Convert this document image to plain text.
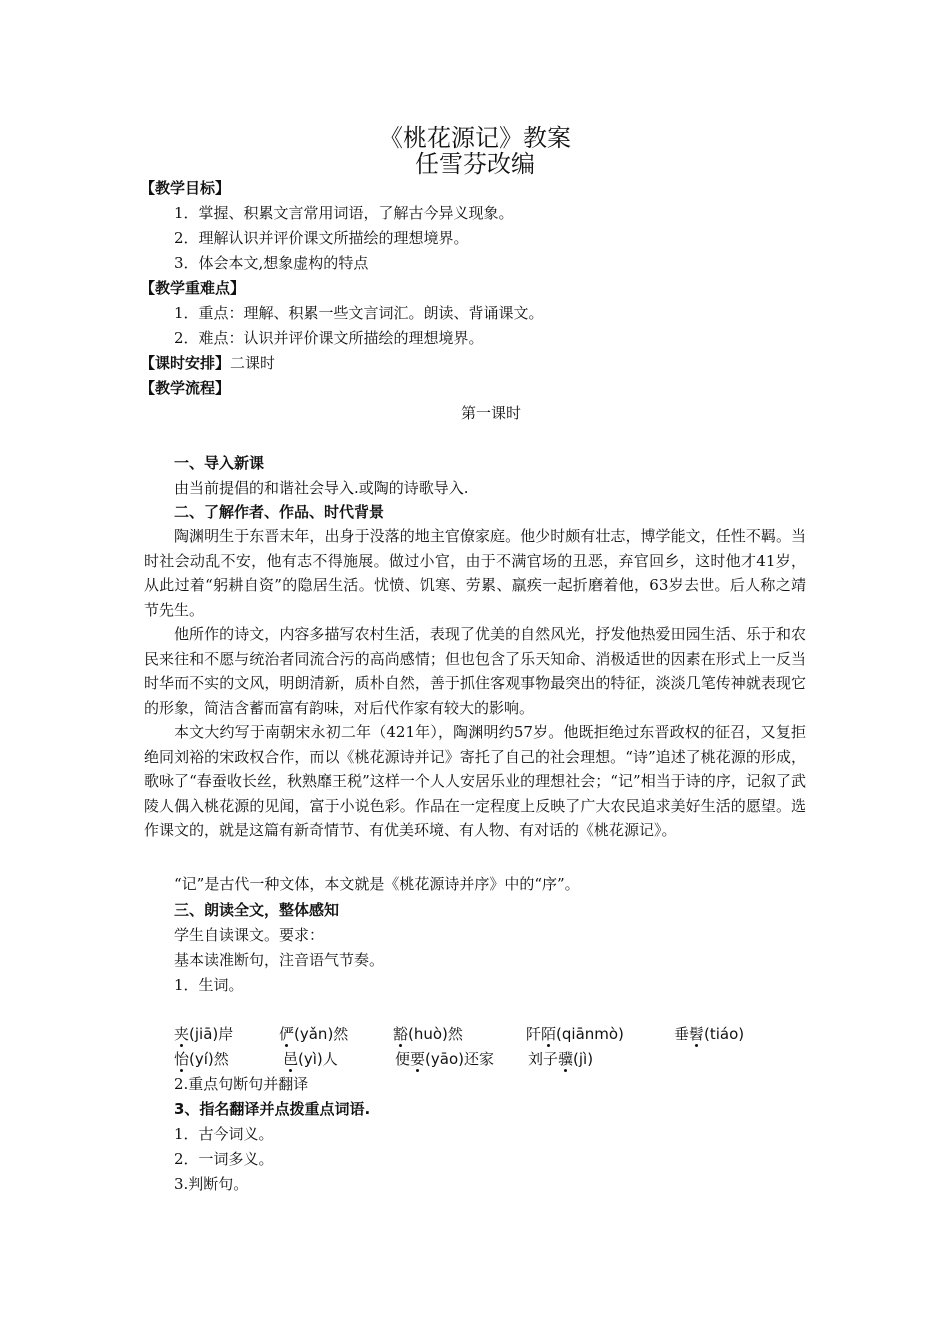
《桃花源记》教案
任雪芬改编
【教学目标】
1．掌握、积累文言常用词语，了解古今异义现象。
2．理解认识并评价课文所描绘的理想境界。
3．体会本文,想象虚构的特点
【教学重难点】
1．重点：理解、积累一些文言词汇。朗读、背诵课文。
2．难点：认识并评价课文所描绘的理想境界。
【课时安排】二课时
【教学流程】
第一课时
一、导入新课
由当前提倡的和谐社会导入.或陶的诗歌导入.
二、了解作者、作品、时代背景
陶渊明生于东晋末年，出身于没落的地主官僚家庭。他少时颇有壮志，博学能文，任性不羁。当时社会动乱不安，他有志不得施展。做过小官，由于不满官场的丑恶，弃官回乡，这时他才41岁，从此过着“躬耕自资”的隐居生活。忧愤、饥寒、劳累、羸疾一起折磨着他，63岁去世。后人称之靖节先生。
他所作的诗文，内容多描写农村生活，表现了优美的自然风光，抒发他热爱田园生活、乐于和农民来往和不愿与统治者同流合污的高尚感情；但也包含了乐天知命、消极适世的因素在形式上一反当时华而不实的文风，明朗清新，质朴自然，善于抓住客观事物最突出的特征，淡淡几笔传神就表现它的形象，简洁含蓄而富有韵味，对后代作家有较大的影响。
本文大约写于南朝宋永初二年（421年），陶渊明约57岁。他既拒绝过东晋政权的征召，又复拒绝同刘裕的宋政权合作，而以《桃花源诗并记》寄托了自己的社会理想。“诗”追述了桃花源的形成，歌咏了“春蚕收长丝，秋熟靡王税”这样一个人人安居乐业的理想社会；“记”相当于诗的序，记叙了武陵人偶入桃花源的见闻，富于小说色彩。作品在一定程度上反映了广大农民追求美好生活的愿望。选作课文的，就是这篇有新奇情节、有优美环境、有人物、有对话的《桃花源记》。
“记”是古代一种文体，本文就是《桃花源诗并序》中的“序”。
三、朗读全文，整体感知
学生自读课文。要求：
基本读准断句，注音语气节奏。
1．生词。
夹(jiā)岸	俨(yǎn)然	豁(huò)然	阡陌(qiānmò)	垂髫(tiáo)
怡(yí)然	邑(yì)人	便要(yāo)还家 刘子骥(jì)
2.重点句断句并翻译
3、指名翻译并点拨重点词语.
1．古今词义。
2．一词多义。
3.判断句。
